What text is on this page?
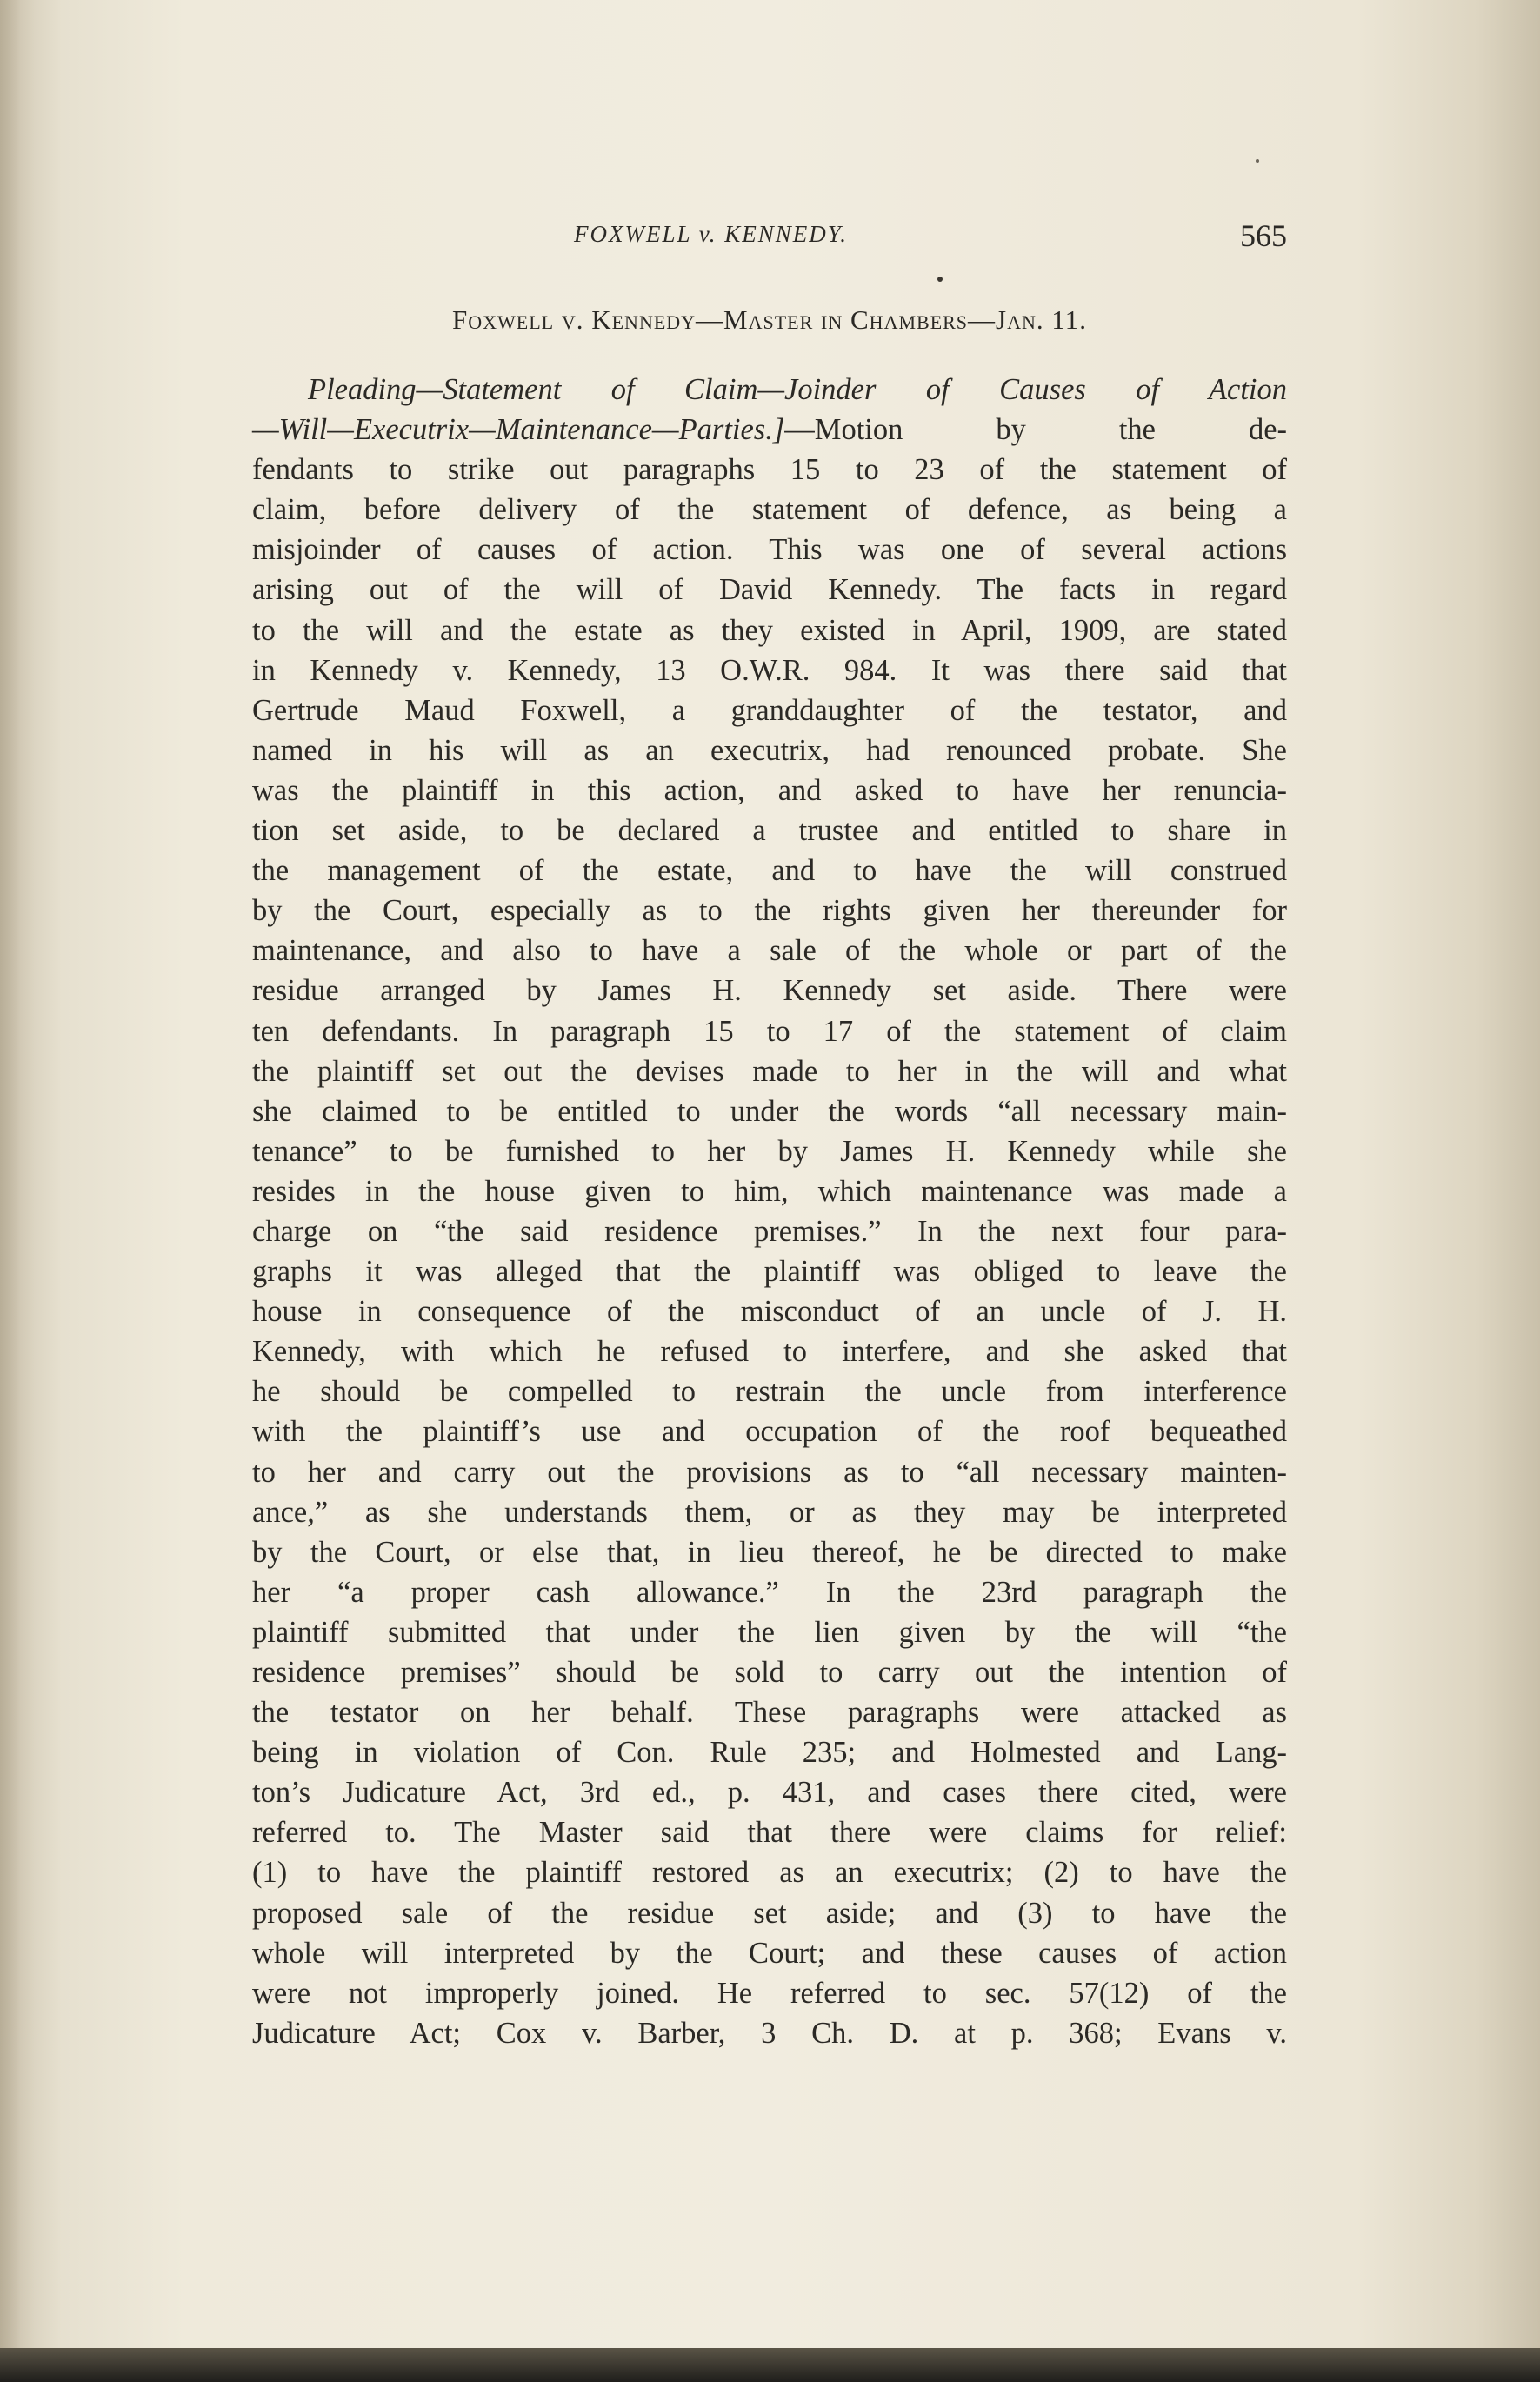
FOXWELL v. KENNEDY.	565
Foxwell v. Kennedy—Master in Chambers—Jan. 11.
Pleading—Statement of Claim—Joinder of Causes of Action
—Will—Executrix—Maintenance—Parties.]—Motion by the de-
fendants to strike out paragraphs 15 to 23 of the statement of
claim, before delivery of the statement of defence, as being a
misjoinder of causes of action. This was one of several actions
arising out of the will of David Kennedy. The facts in regard
to the will and the estate as they existed in April, 1909, are stated
in Kennedy v. Kennedy, 13 O.W.R. 984. It was there said that
Gertrude Maud Foxwell, a granddaughter of the testator, and
named in his will as an executrix, had renounced probate. She
was the plaintiff in this action, and asked to have her renuncia-
tion set aside, to be declared a trustee and entitled to share in
the management of the estate, and to have the will construed
by the Court, especially as to the rights given her thereunder for
maintenance, and also to have a sale of the whole or part of the
residue arranged by James H. Kennedy set aside. There were
ten defendants. In paragraph 15 to 17 of the statement of claim
the plaintiff set out the devises made to her in the will and what
she claimed to be entitled to under the words “all necessary main-
tenance” to be furnished to her by James H. Kennedy while she
resides in the house given to him, which maintenance was made a
charge on “the said residence premises.” In the next four para-
graphs it was alleged that the plaintiff was obliged to leave the
house in consequence of the misconduct of an uncle of J. H.
Kennedy, with which he refused to interfere, and she asked that
he should be compelled to restrain the uncle from interference
with the plaintiff’s use and occupation of the roof bequeathed
to her and carry out the provisions as to “all necessary mainten-
ance,” as she understands them, or as they may be interpreted
by the Court, or else that, in lieu thereof, he be directed to make
her “a proper cash allowance.” In the 23rd paragraph the
plaintiff submitted that under the lien given by the will “the
residence premises” should be sold to carry out the intention of
the testator on her behalf. These paragraphs were attacked as
being in violation of Con. Rule 235; and Holmested and Lang-
ton’s Judicature Act, 3rd ed., p. 431, and cases there cited, were
referred to. The Master said that there were claims for relief:
(1) to have the plaintiff restored as an executrix; (2) to have the
proposed sale of the residue set aside; and (3) to have the
whole will interpreted by the Court; and these causes of action
were not improperly joined. He referred to sec. 57(12) of the
Judicature Act; Cox v. Barber, 3 Ch. D. at p. 368; Evans v.
